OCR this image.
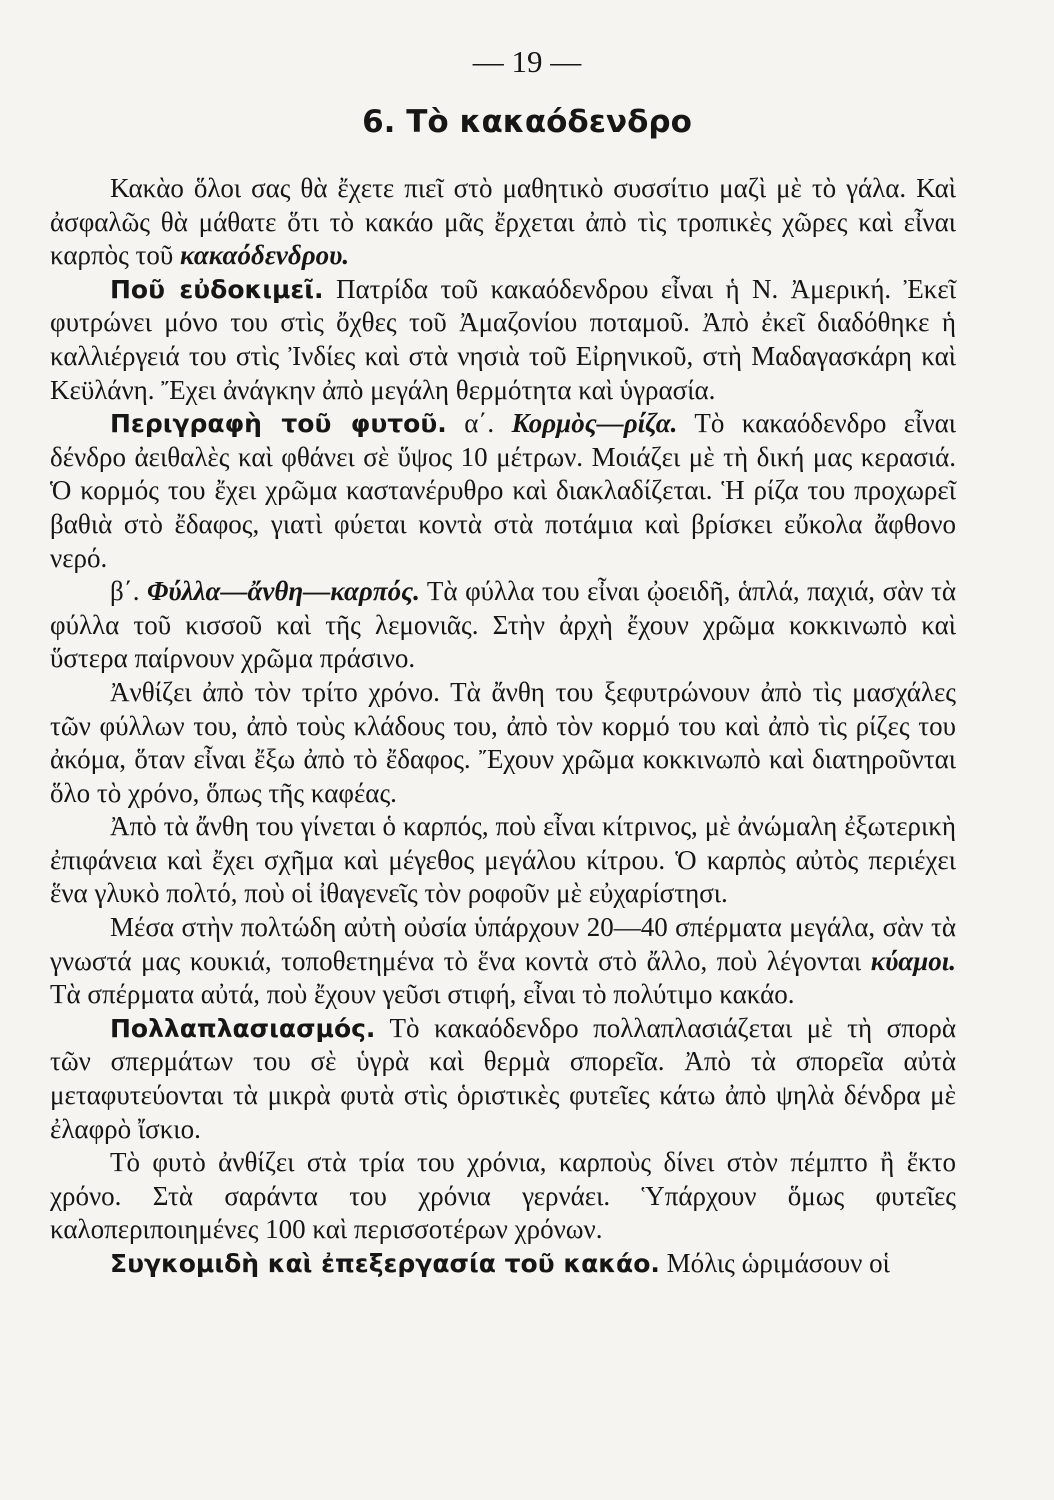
— 19 —
6. Τὸ κακαόδενδρο

Κακὰο ὅλοι σας θὰ ἔχετε πιεῖ στὸ μαθητικὸ συσσίτιο μαζὶ μὲ τὸ γάλα. Καὶ ἀσφαλῶς θὰ μάθατε ὅτι τὸ κακάο μᾶς ἔρχεται ἀπὸ τὶς τροπικὲς χῶρες καὶ εἶναι καρπὸς τοῦ κακαόδενδρου.

Ποῦ εὐδοκιμεῖ. Πατρίδα τοῦ κακαόδενδρου εἶναι ἡ Ν. Ἀμερική. Ἐκεῖ φυτρώνει μόνο του στὶς ὄχθες τοῦ Ἀμαζονίου ποταμοῦ. Ἀπὸ ἐκεῖ διαδόθηκε ἡ καλλιέργειά του στὶς Ἰνδίες καὶ στὰ νησιὰ τοῦ Εἰρηνικοῦ, στὴ Μαδαγασκάρη καὶ Κεϋλάνη. Ἔχει ἀνάγκην ἀπὸ μεγάλη θερμότητα καὶ ὑγρασία.

Περιγραφὴ τοῦ φυτοῦ. α΄. Κορμὸς—ρίζα. Τὸ κακαόδενδρο εἶναι δένδρο ἀειθαλὲς καὶ φθάνει σὲ ὕψος 10 μέτρων. Μοιάζει μὲ τὴ δική μας κερασιά. Ὁ κορμός του ἔχει χρῶμα καστανέρυθρο καὶ διακλαδίζεται. Ἡ ρίζα του προχωρεῖ βαθιὰ στὸ ἔδαφος, γιατὶ φύεται κοντὰ στὰ ποτάμια καὶ βρίσκει εὔκολα ἄφθονο νερό.

β΄. Φύλλα—ἄνθη—καρπός. Τὰ φύλλα του εἶναι ᾠοειδῆ, ἁπλά, παχιά, σὰν τὰ φύλλα τοῦ κισσοῦ καὶ τῆς λεμονιᾶς. Στὴν ἀρχὴ ἔχουν χρῶμα κοκκινωπὸ καὶ ὕστερα παίρνουν χρῶμα πράσινο.

Ἀνθίζει ἀπὸ τὸν τρίτο χρόνο. Τὰ ἄνθη του ξεφυτρώνουν ἀπὸ τὶς μασχάλες τῶν φύλλων του, ἀπὸ τοὺς κλάδους του, ἀπὸ τὸν κορμό του καὶ ἀπὸ τὶς ρίζες του ἀκόμα, ὅταν εἶναι ἔξω ἀπὸ τὸ ἔδαφος. Ἔχουν χρῶμα κοκκινωπὸ καὶ διατηροῦνται ὅλο τὸ χρόνο, ὅπως τῆς καφέας.

Ἀπὸ τὰ ἄνθη του γίνεται ὁ καρπός, ποὺ εἶναι κίτρινος, μὲ ἀνώμαλη ἐξωτερικὴ ἐπιφάνεια καὶ ἔχει σχῆμα καὶ μέγεθος μεγάλου κίτρου. Ὁ καρπὸς αὐτὸς περιέχει ἕνα γλυκὸ πολτό, ποὺ οἱ ἰθαγενεῖς τὸν ροφοῦν μὲ εὐχαρίστησι.

Μέσα στὴν πολτώδη αὐτὴ οὐσία ὑπάρχουν 20—40 σπέρματα μεγάλα, σὰν τὰ γνωστά μας κουκιά, τοποθετημένα τὸ ἕνα κοντὰ στὸ ἄλλο, ποὺ λέγονται κύαμοι. Τὰ σπέρματα αὐτά, ποὺ ἔχουν γεῦσι στιφή, εἶναι τὸ πολύτιμο κακάο.

Πολλαπλασιασμός. Τὸ κακαόδενδρο πολλαπλασιάζεται μὲ τὴ σπορὰ τῶν σπερμάτων του σὲ ὑγρὰ καὶ θερμὰ σπορεῖα. Ἀπὸ τὰ σπορεῖα αὐτὰ μεταφυτεύονται τὰ μικρὰ φυτὰ στὶς ὁριστικὲς φυτεῖες κάτω ἀπὸ ψηλὰ δένδρα μὲ ἐλαφρὸ ἴσκιο.

Τὸ φυτὸ ἀνθίζει στὰ τρία του χρόνια, καρποὺς δίνει στὸν πέμπτο ἢ ἕκτο χρόνο. Στὰ σαράντα του χρόνια γερνάει. Ὑπάρχουν ὅμως φυτεῖες καλοπεριποιημένες 100 καὶ περισσοτέρων χρόνων.

Συγκομιδὴ καὶ ἐπεξεργασία τοῦ κακάο. Μόλις ὡριμάσουν οἱ
